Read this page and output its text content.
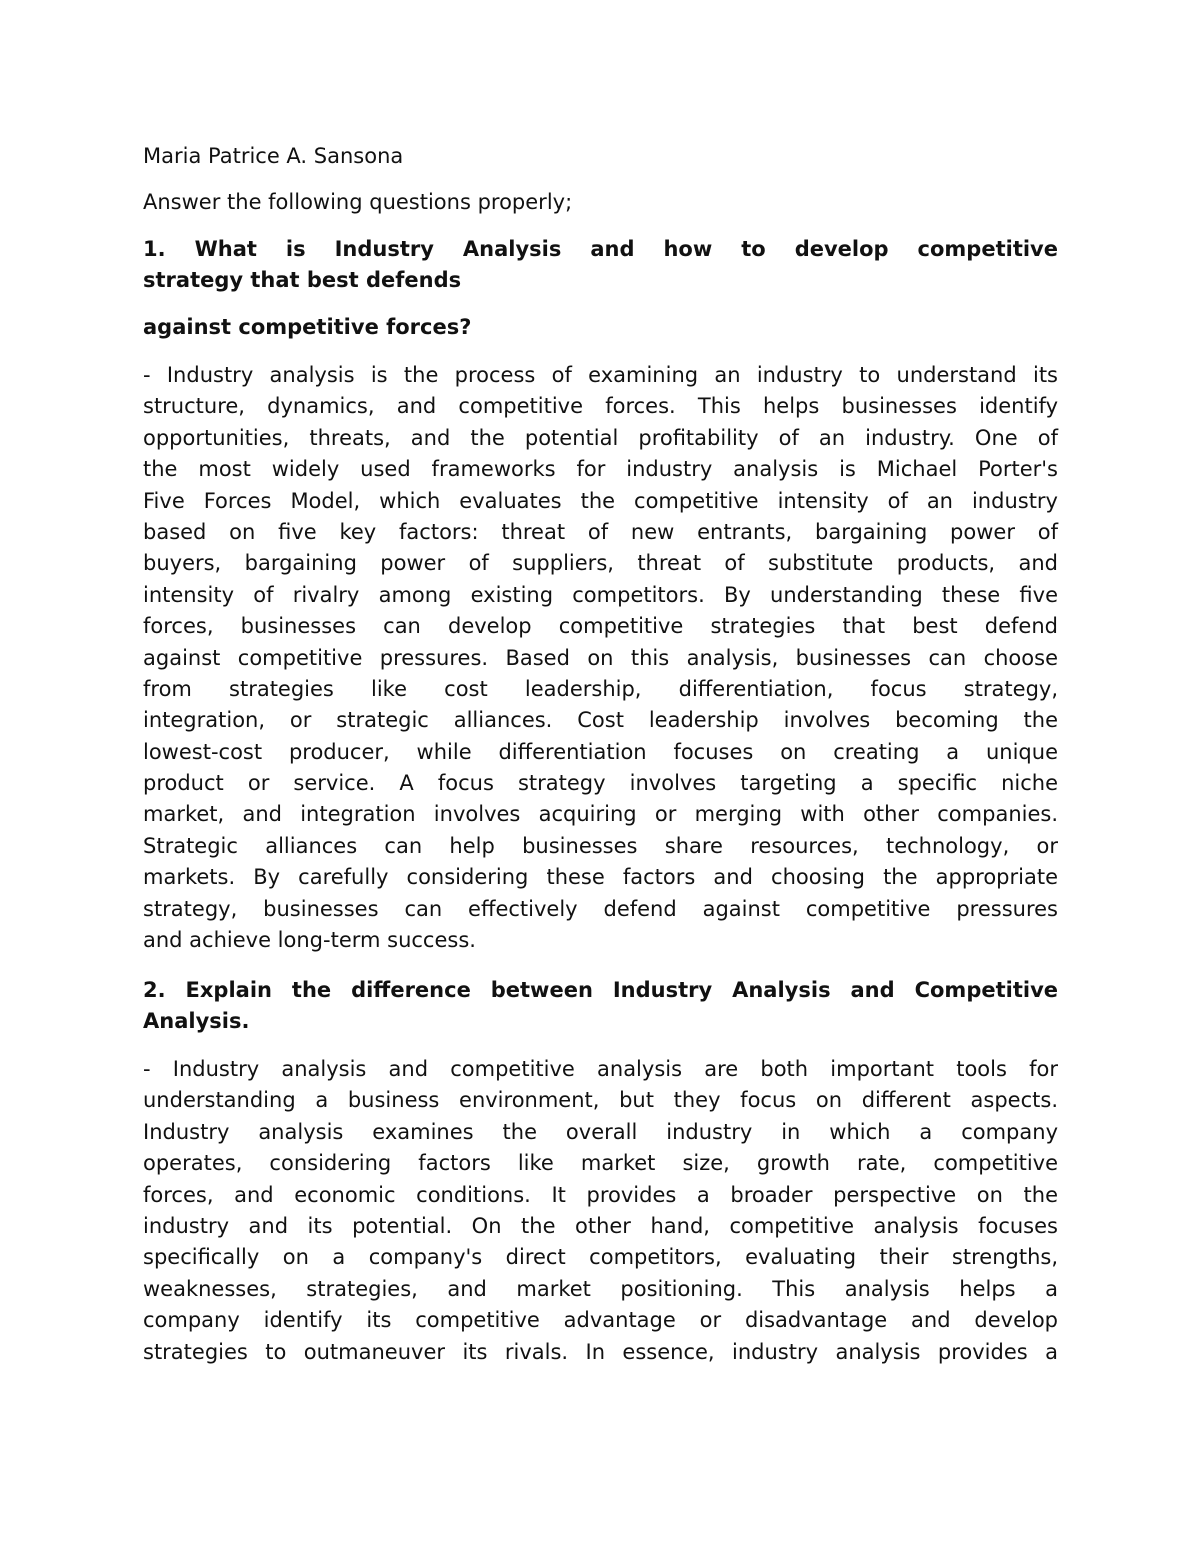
Maria Patrice A. Sansona
Answer the following questions properly;
1. What is Industry Analysis and how to develop competitive
strategy that best defends
against competitive forces?
- Industry analysis is the process of examining an industry to understand its
structure, dynamics, and competitive forces. This helps businesses identify
opportunities, threats, and the potential profitability of an industry. One of
the most widely used frameworks for industry analysis is Michael Porter's
Five Forces Model, which evaluates the competitive intensity of an industry
based on five key factors: threat of new entrants, bargaining power of
buyers, bargaining power of suppliers, threat of substitute products, and
intensity of rivalry among existing competitors. By understanding these five
forces, businesses can develop competitive strategies that best defend
against competitive pressures. Based on this analysis, businesses can choose
from strategies like cost leadership, differentiation, focus strategy,
integration, or strategic alliances. Cost leadership involves becoming the
lowest-cost producer, while differentiation focuses on creating a unique
product or service. A focus strategy involves targeting a specific niche
market, and integration involves acquiring or merging with other companies.
Strategic alliances can help businesses share resources, technology, or
markets. By carefully considering these factors and choosing the appropriate
strategy, businesses can effectively defend against competitive pressures
and achieve long-term success.
2. Explain the difference between Industry Analysis and Competitive
Analysis.
- Industry analysis and competitive analysis are both important tools for
understanding a business environment, but they focus on different aspects.
Industry analysis examines the overall industry in which a company
operates, considering factors like market size, growth rate, competitive
forces, and economic conditions. It provides a broader perspective on the
industry and its potential. On the other hand, competitive analysis focuses
specifically on a company's direct competitors, evaluating their strengths,
weaknesses, strategies, and market positioning. This analysis helps a
company identify its competitive advantage or disadvantage and develop
strategies to outmaneuver its rivals. In essence, industry analysis provides a
